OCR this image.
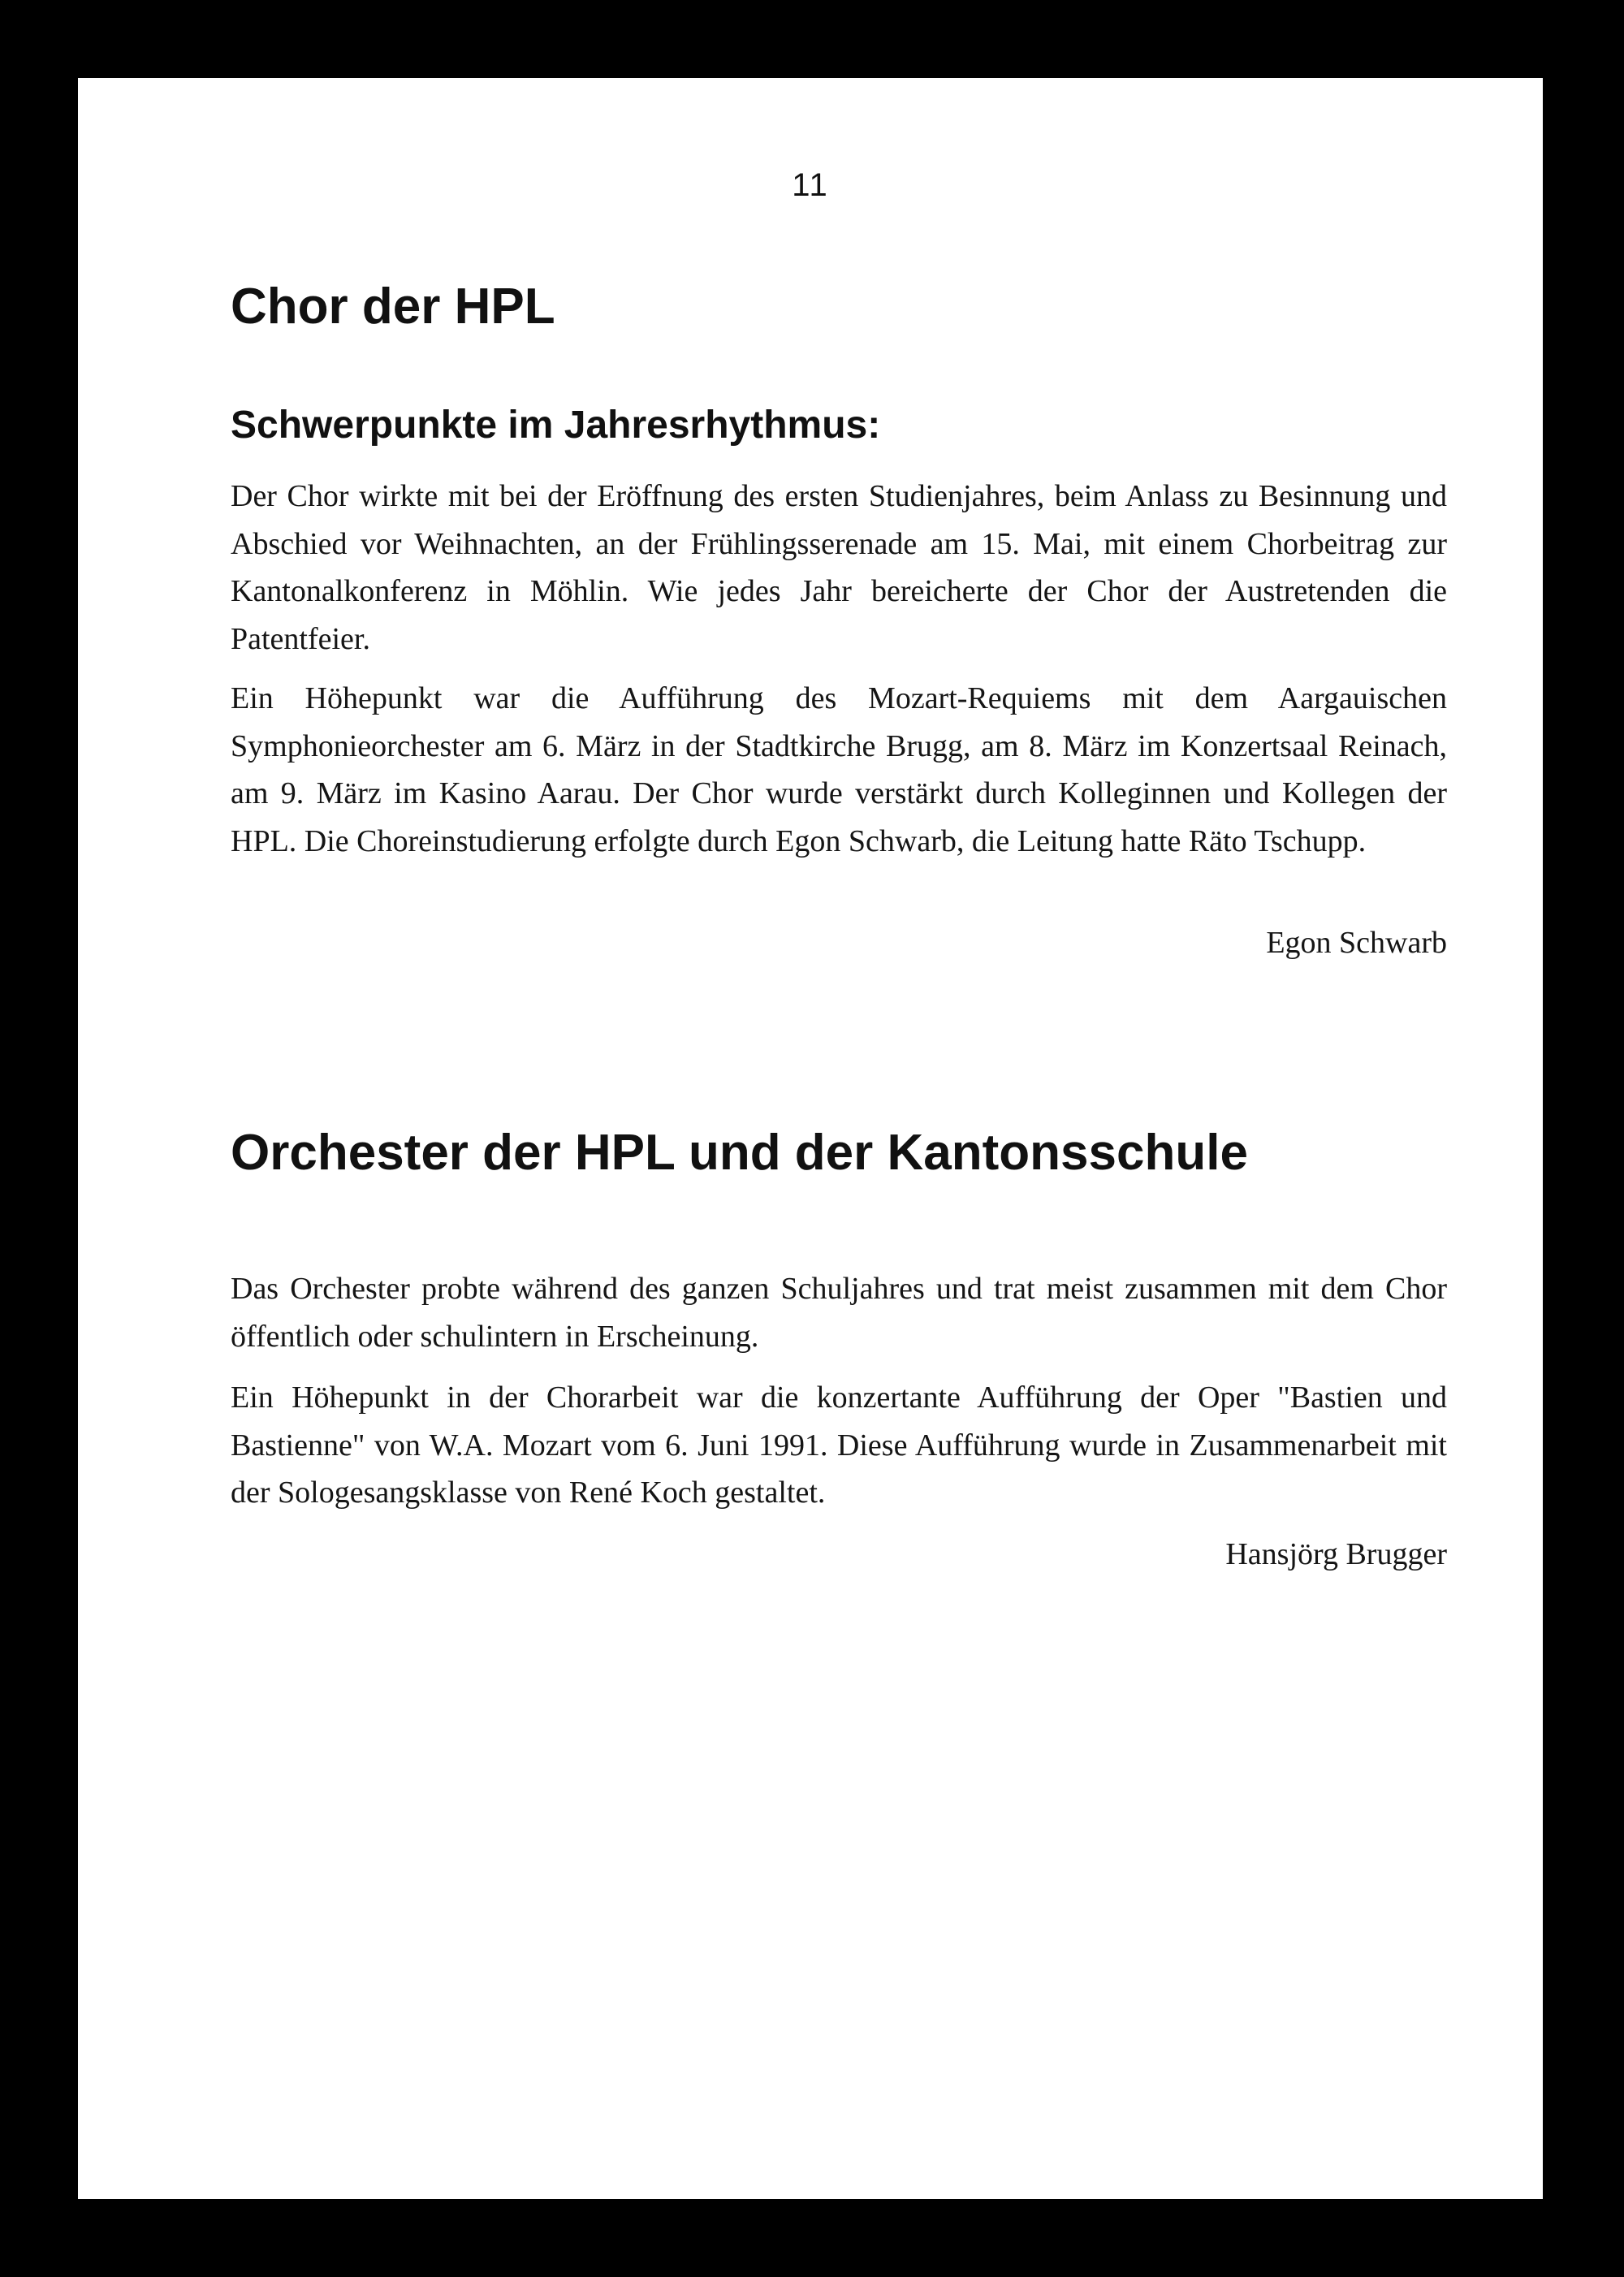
11
Chor der HPL
Schwerpunkte im Jahresrhythmus:

Der Chor wirkte mit bei der Eröffnung des ersten Studienjahres, beim Anlass zu Besinnung und Abschied vor Weihnachten, an der Frühlingsserenade am 15. Mai, mit einem Chorbeitrag zur Kantonalkonferenz in Möhlin. Wie jedes Jahr bereicherte der Chor der Austretenden die Patentfeier.

Ein Höhepunkt war die Aufführung des Mozart-Requiems mit dem Aargauischen Symphonieorchester am 6. März in der Stadtkirche Brugg, am 8. März im Konzertsaal Reinach, am 9. März im Kasino Aarau. Der Chor wurde verstärkt durch Kolleginnen und Kollegen der HPL. Die Choreinstudierung erfolgte durch Egon Schwarb, die Leitung hatte Räto Tschupp.

Egon Schwarb

Orchester der HPL und der Kantonsschule

Das Orchester probte während des ganzen Schuljahres und trat meist zusammen mit dem Chor öffentlich oder schulintern in Erscheinung.

Ein Höhepunkt in der Chorarbeit war die konzertante Aufführung der Oper "Bastien und Bastienne" von W.A. Mozart vom 6. Juni 1991. Diese Aufführung wurde in Zusammenarbeit mit der Sologesangsklasse von René Koch gestaltet.

Hansjörg Brugger
